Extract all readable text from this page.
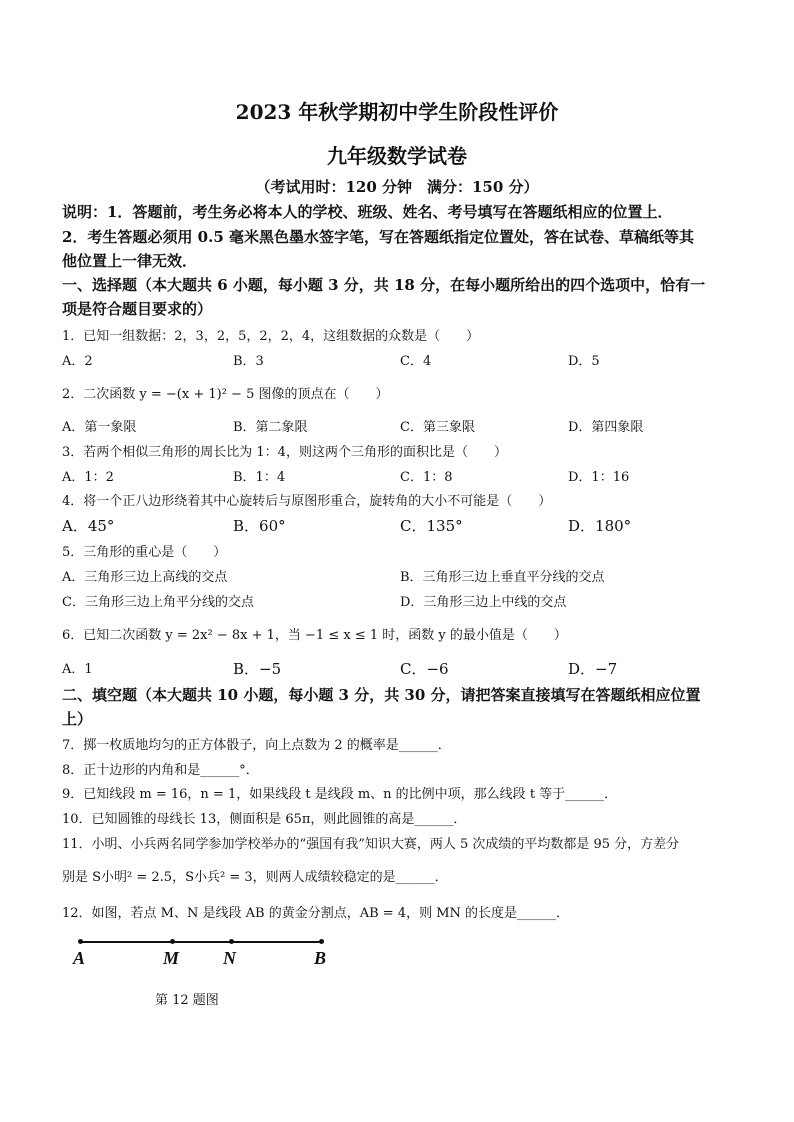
2023 年秋学期初中学生阶段性评价
九年级数学试卷
（考试用时：120 分钟　满分：150 分）
说明：1．答题前，考生务必将本人的学校、班级、姓名、考号填写在答题纸相应的位置上．
2．考生答题必须用 0.5 毫米黑色墨水签字笔，写在答题纸指定位置处，答在试卷、草稿纸等其
他位置上一律无效．
一、选择题（本大题共 6 小题，每小题 3 分，共 18 分，在每小题所给出的四个选项中，恰有一
项是符合题目要求的）
1．已知一组数据：2，3，2，5，2，2，4，这组数据的众数是（　　）
A．2	B．3	C．4	D．5
2．二次函数 y = −(x + 1)² − 5 图像的顶点在（　　）
A．第一象限	B．第二象限	C．第三象限	D．第四象限
3．若两个相似三角形的周长比为 1：4，则这两个三角形的面积比是（　　）
A．1：2	B．1：4	C．1：8	D．1：16
4．将一个正八边形绕着其中心旋转后与原图形重合，旋转角的大小不可能是（　　）
A．45°	B．60°	C．135°	D．180°
5．三角形的重心是（　　）
A．三角形三边上高线的交点	B．三角形三边上垂直平分线的交点
C．三角形三边上角平分线的交点	D．三角形三边上中线的交点
6．已知二次函数 y = 2x² − 8x + 1，当 −1 ≤ x ≤ 1 时，函数 y 的最小值是（　　）
A．1	B．−5	C．−6	D．−7
二、填空题（本大题共 10 小题，每小题 3 分，共 30 分，请把答案直接填写在答题纸相应位置
上）
7．掷一枚质地均匀的正方体骰子，向上点数为 2 的概率是______．
8．正十边形的内角和是______°．
9．已知线段 m = 16，n = 1，如果线段 t 是线段 m、n 的比例中项，那么线段 t 等于______．
10．已知圆锥的母线长 13，侧面积是 65π，则此圆锥的高是______．
11．小明、小兵两名同学参加学校举办的“强国有我”知识大赛，两人 5 次成绩的平均数都是 95 分，方差分
别是 S小明² = 2.5，S小兵² = 3，则两人成绩较稳定的是______．
12．如图，若点 M、N 是线段 AB 的黄金分割点，AB = 4，则 MN 的长度是______．
A	M N	B
第 12 题图
